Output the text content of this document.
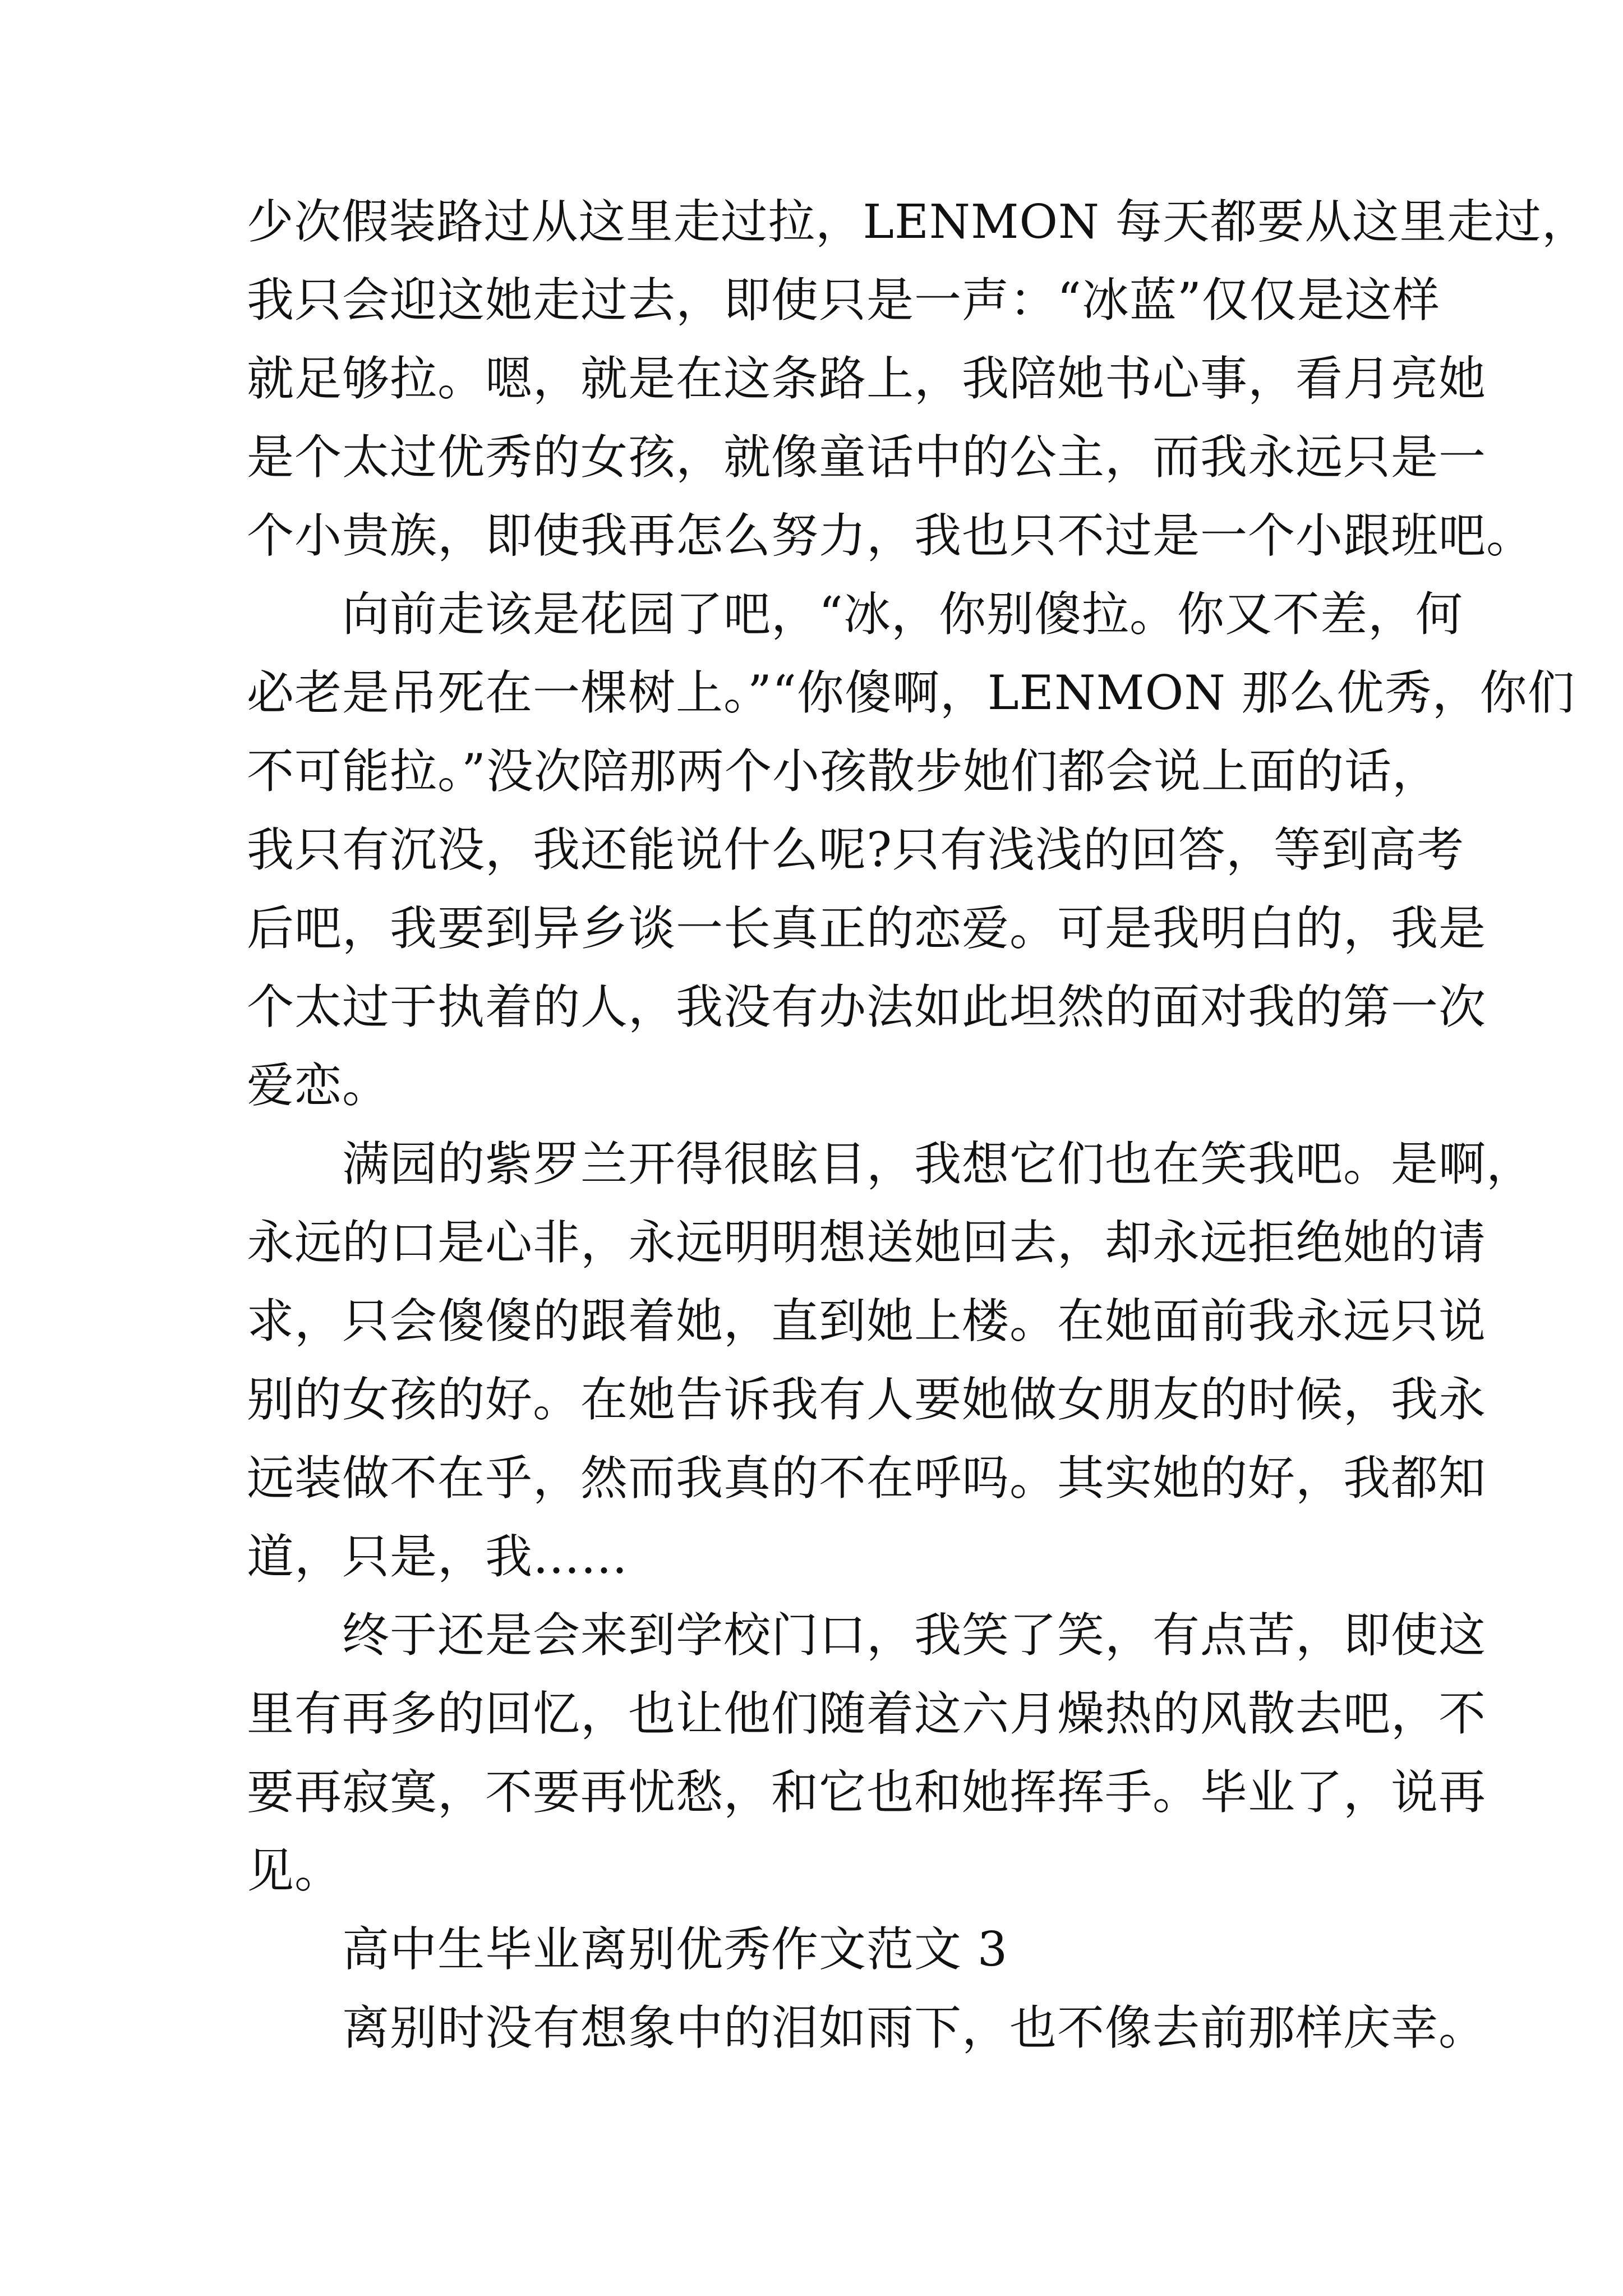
少次假装路过从这里走过拉，LENMON 每天都要从这里走过，
我只会迎这她走过去，即使只是一声：“冰蓝”仅仅是这样
就足够拉。嗯，就是在这条路上，我陪她书心事，看月亮她
是个太过优秀的女孩，就像童话中的公主，而我永远只是一
个小贵族，即使我再怎么努力，我也只不过是一个小跟班吧。
　　向前走该是花园了吧，“冰，你别傻拉。你又不差，何
必老是吊死在一棵树上。”“你傻啊，LENMON 那么优秀，你们
不可能拉。”没次陪那两个小孩散步她们都会说上面的话，
我只有沉没，我还能说什么呢?只有浅浅的回答，等到高考
后吧，我要到异乡谈一长真正的恋爱。可是我明白的，我是
个太过于执着的人，我没有办法如此坦然的面对我的第一次
爱恋。
　　满园的紫罗兰开得很眩目，我想它们也在笑我吧。是啊，
永远的口是心非，永远明明想送她回去，却永远拒绝她的请
求，只会傻傻的跟着她，直到她上楼。在她面前我永远只说
别的女孩的好。在她告诉我有人要她做女朋友的时候，我永
远装做不在乎，然而我真的不在呼吗。其实她的好，我都知
道，只是，我……
　　终于还是会来到学校门口，我笑了笑，有点苦，即使这
里有再多的回忆，也让他们随着这六月燥热的风散去吧，不
要再寂寞，不要再忧愁，和它也和她挥挥手。毕业了，说再
见。
　　高中生毕业离别优秀作文范文 3
　　离别时没有想象中的泪如雨下，也不像去前那样庆幸。
